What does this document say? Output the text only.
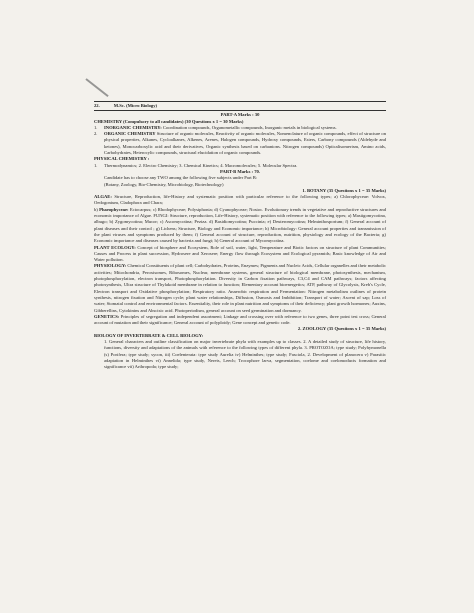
22.	M.Sc. (Micro Biology)
PART-A Marks : 30
CHEMISTRY (Compulsory to all candidates) (30 Questions x 1 = 30 Marks)
1.	INORGANIC CHEMISTRY: Coordination compounds, Organometallic compounds, Inorganic metals in biological systems.
2.	ORGANIC CHEMISTRY Structure of organic molecules, Reactivity of organic molecules, Nomenclature of organic compounds, effect of structure on physical properties, Alkanes, Cycloalkanes, Alkenes, Arenes, Halogen compounds, Hydroxy compounds, Esters, Carbony compounds (Aldehyde and ketones), Monocarboxylic acid and their derivatives, Organic synthesis based on carbanions. Nitrogen compounds) Opticalisomerism, Amino acids, Carbohydrates, Heterocylic compounds, structural elucidation of organic compounds.
PHYSICAL CHEMISTRY :
1.	Thermodynamics; 2. Electro Chemistry; 3. Chemical Kinetics; 4. Macromolecules; 5. Molecular Spectra.
PART-B Marks : 70.
Candidate has to choose any TWO among the following five subjects under Part B:
(Botany, Zoology, Bio-Chemistry, Microbiology, Biotechnology)
1. BOTANY (35 Questions x 1 = 35 Marks)
ALGAE: Structure, Reproduction, life-History and systematic position with particular reference to the following types; a) Chlorophyceae: Volvox, Oedogonium, Cladophora and Chara;
b) Phaeophyceae: Ectocarpus; c) Rhodophyceae; Polysiphonia; d) Cyanophyceae; Nostoc. Evolutionary trends in vegetative and reproductive structures and economic importance of Algae. FUNGI: Structure, reproduction, Life-History, systematic position with reference to the following types; a) Mastigomycotina, albugo; b) Zygomycotina; Mucor; c) Ascomycotina; Peziza. d) Basidiomycotina; Puccinia; e) Deuteromycotina; Helminthosporium; f) General account of plant diseases and their control ; g) Lichens; Structure, Biology and Economic importance; h) Microbiology: General account properties and transmission of the plant viruses and symptoms produced by them; f) General account of structure, reproduction, nutrition, physiology and ecology of the Bacteria; g) Economic importance and diseases caused by bacteria and fungi; h) General account of Mycomycotina.
PLANT ECOLOGY: Concept of biosphere and Ecosystem, Role of soil, water, light, Temperature and Biotic factors on structure of plant Communities; Causes and Process in plant succession, Hydrosere and Xerosere; Energy flow through Ecosystem and Ecological pyramids; Basic knowledge of Air and Water pollution.
PHYSIOLOGY: Chemical Constituents of plant cell; Carbohydrates, Proteins, Enzymes; Pigments and Nucleic Acids, Cellular organelles and their metabolic activities; Mitochondria, Peroxisomes, Ribosomes, Nuclear, membrane systems, general structure of biological membrane, photosynthesis, mechanism, photophosphorylation, electron transport, Photophosphorylation. Diversity in Carbon fixation pathways, C3,C4 and CAM pathways; factors affecting photosynthesis, Ultra structure of Thylakoid membrane in relation to function; Elementary account bioenergetics; ATP, pathway of Glycolysis, Kreb's Cycle, Electron transport and Oxidative phosphorylation; Respiratory ratio. Anaerobic respiration and Fermentation: Nitrogen metabolism outlines of protein synthesis, nitrogen fixation and Nitrogen cycle; plant water relationships, Diffusion, Osmosis and Imbibition; Transport of water; Ascent of sap; Loss of water; Stomatal control and environmental factors. Essentiality, their role in plant nutrition and symptoms of their deficiency; plant growth hormones; Auxins, Gibberellins, Cytokinins and Abscisic acid. Photoperiodism, general account on seed germination and dormancy.
GENETICS: Principles of segregation and independent assortment; Linkage and crossing over with reference to two genes, three point test cross; General account of mutation and their significance; General account of polyploidy; Gene concept and genetic code.
2. ZOOLOGY (35 Questions x 1 = 35 Marks)
BIOLOGY OF INVERTEBRATE & CELL BIOLOGY:
1. General characters and outline classification on major invertebrate phyla with examples up to classes. 2. A detailed study of structure, life history, functions, diversity and adaptations of the animals with reference to the following types of different phyla. 3. PROTOZOA; type study; Polyhymonella (s) Porifera; type study; sycon, iii) Coelenterata: type study Aurelia iv) Helminthes; type study; Fasciola, 2. Development of planocera v) Parasitic adaptation in Helminthes vi) Annelida; type study, Nereis, Leech; Trocophore larva, segmentation, coelome and coelomoducts formation and significance vii) Arthropoda; type study;
